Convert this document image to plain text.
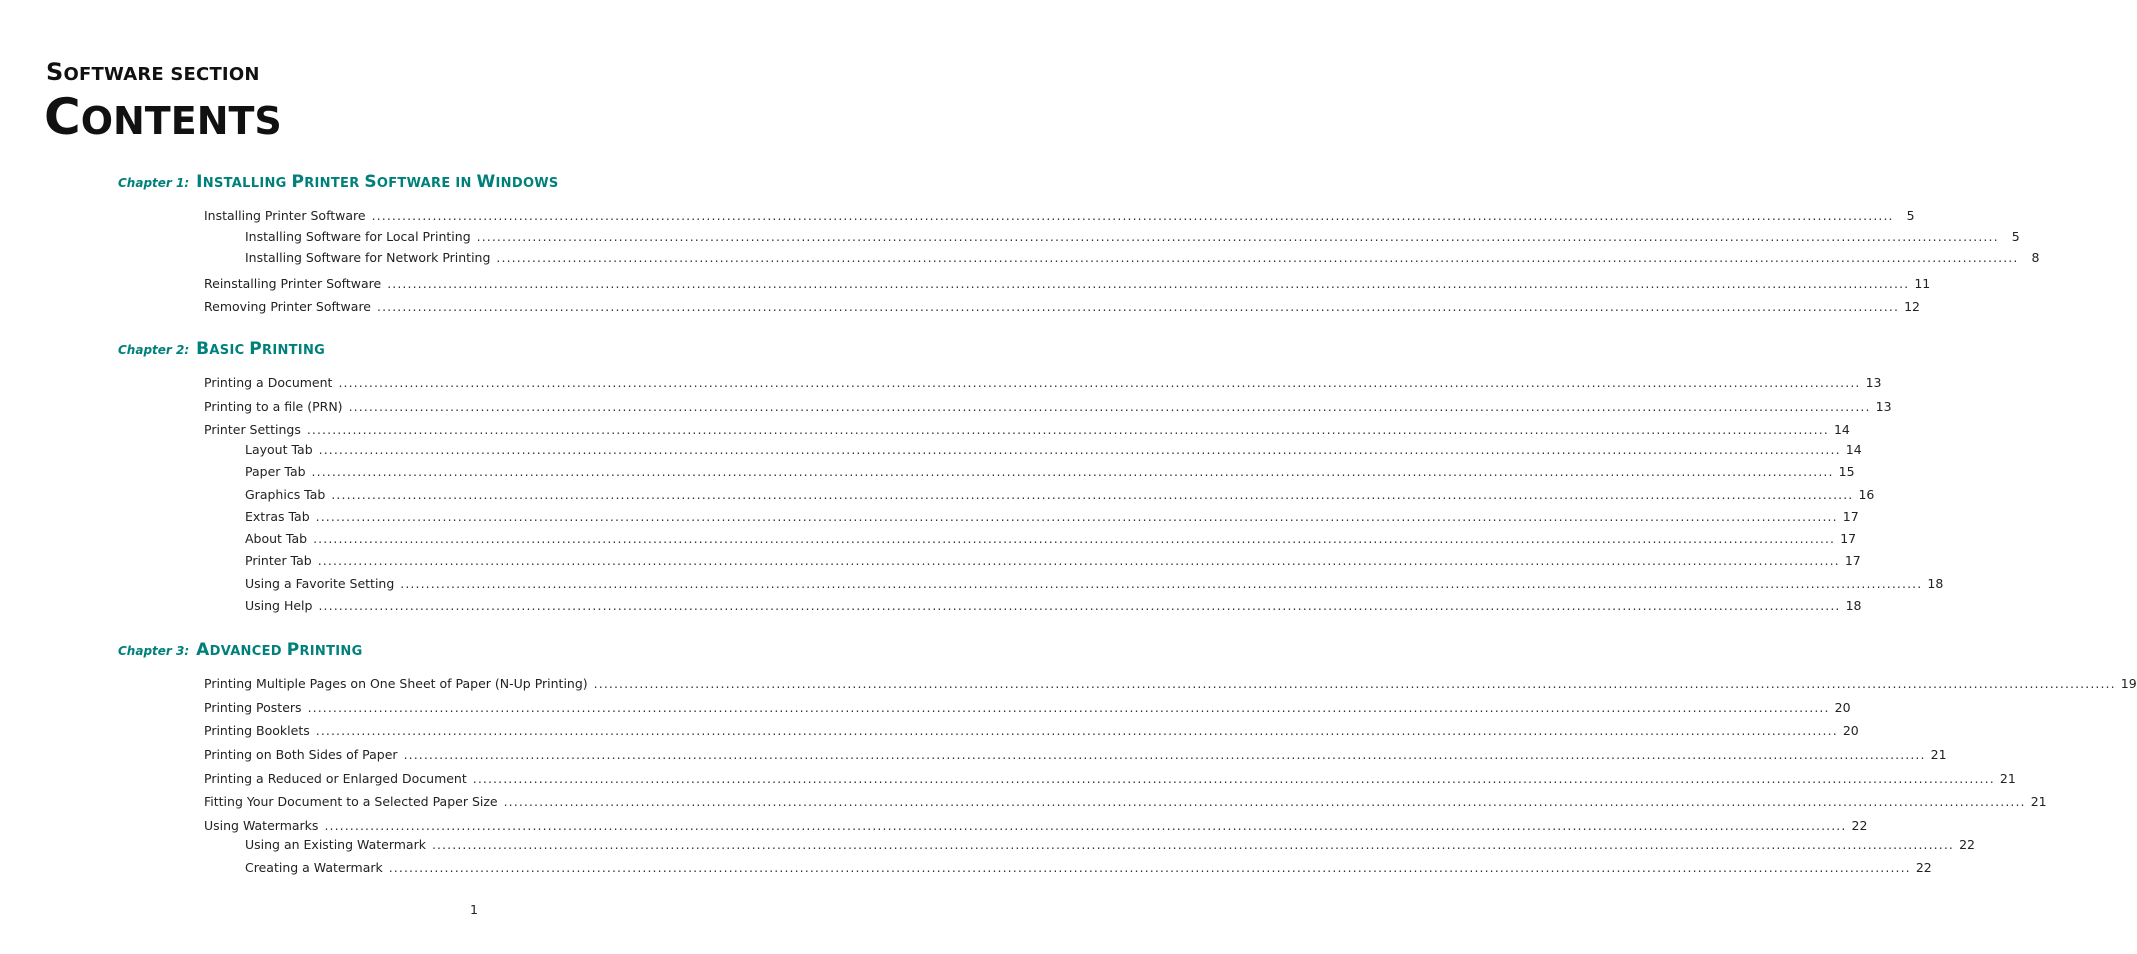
SOFTWARE SECTION
CONTENTS
Chapter 1: INSTALLING PRINTER SOFTWARE IN WINDOWS
Installing Printer Software ............................................................................................................................................................................................................................................................................................................	5
Installing Software for Local Printing ............................................................................................................................................................................................................................................................................................................	5
Installing Software for Network Printing ............................................................................................................................................................................................................................................................................................................	8
Reinstalling Printer Software ............................................................................................................................................................................................................................................................................................................ 11
Removing Printer Software ............................................................................................................................................................................................................................................................................................................ 12
Chapter 2: BASIC PRINTING
Printing a Document ............................................................................................................................................................................................................................................................................................................ 13
Printing to a file (PRN) ............................................................................................................................................................................................................................................................................................................ 13
Printer Settings ............................................................................................................................................................................................................................................................................................................ 14
Layout Tab ............................................................................................................................................................................................................................................................................................................ 14
Paper Tab ............................................................................................................................................................................................................................................................................................................ 15
Graphics Tab ............................................................................................................................................................................................................................................................................................................ 16
Extras Tab ............................................................................................................................................................................................................................................................................................................ 17
About Tab ............................................................................................................................................................................................................................................................................................................ 17
Printer Tab ............................................................................................................................................................................................................................................................................................................ 17
Using a Favorite Setting ............................................................................................................................................................................................................................................................................................................ 18
Using Help ............................................................................................................................................................................................................................................................................................................ 18
Chapter 3: ADVANCED PRINTING
Printing Multiple Pages on One Sheet of Paper (N-Up Printing) ............................................................................................................................................................................................................................................................................................................ 19
Printing Posters ............................................................................................................................................................................................................................................................................................................ 20
Printing Booklets ............................................................................................................................................................................................................................................................................................................ 20
Printing on Both Sides of Paper ............................................................................................................................................................................................................................................................................................................ 21
Printing a Reduced or Enlarged Document ............................................................................................................................................................................................................................................................................................................ 21
Fitting Your Document to a Selected Paper Size ............................................................................................................................................................................................................................................................................................................ 21
Using Watermarks ............................................................................................................................................................................................................................................................................................................ 22
Using an Existing Watermark ............................................................................................................................................................................................................................................................................................................ 22
Creating a Watermark ............................................................................................................................................................................................................................................................................................................ 22
1
